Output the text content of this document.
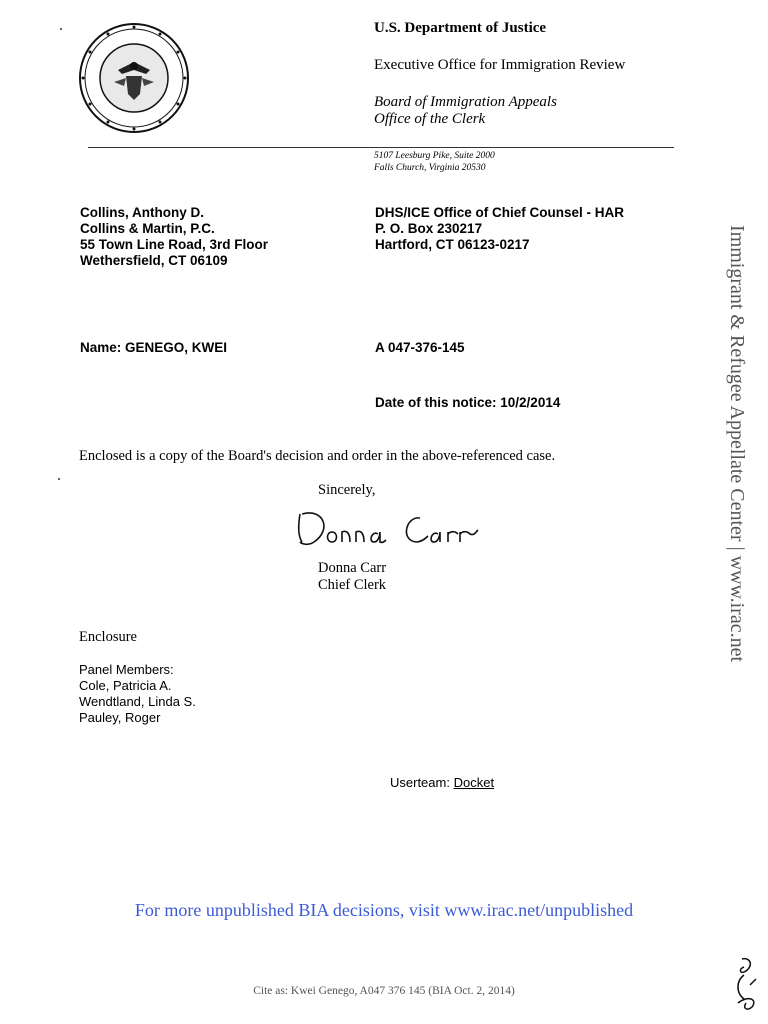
U.S. Department of Justice
Executive Office for Immigration Review
Board of Immigration Appeals
Office of the Clerk
5107 Leesburg Pike, Suite 2000
Falls Church, Virginia 20530
Collins, Anthony D.
Collins & Martin, P.C.
55 Town Line Road, 3rd Floor
Wethersfield, CT 06109
DHS/ICE Office of Chief Counsel - HAR
P. O. Box 230217
Hartford, CT 06123-0217
Name: GENEGO, KWEI	A 047-376-145
Date of this notice: 10/2/2014
Enclosed is a copy of the Board's decision and order in the above-referenced case.
Sincerely,
Donna Carr
Chief Clerk
Enclosure
Panel Members:
Cole, Patricia A.
Wendtland, Linda S.
Pauley, Roger
Userteam: Docket
Immigrant & Refugee Appellate Center | www.irac.net
For more unpublished BIA decisions, visit www.irac.net/unpublished
Cite as: Kwei Genego, A047 376 145 (BIA Oct. 2, 2014)
